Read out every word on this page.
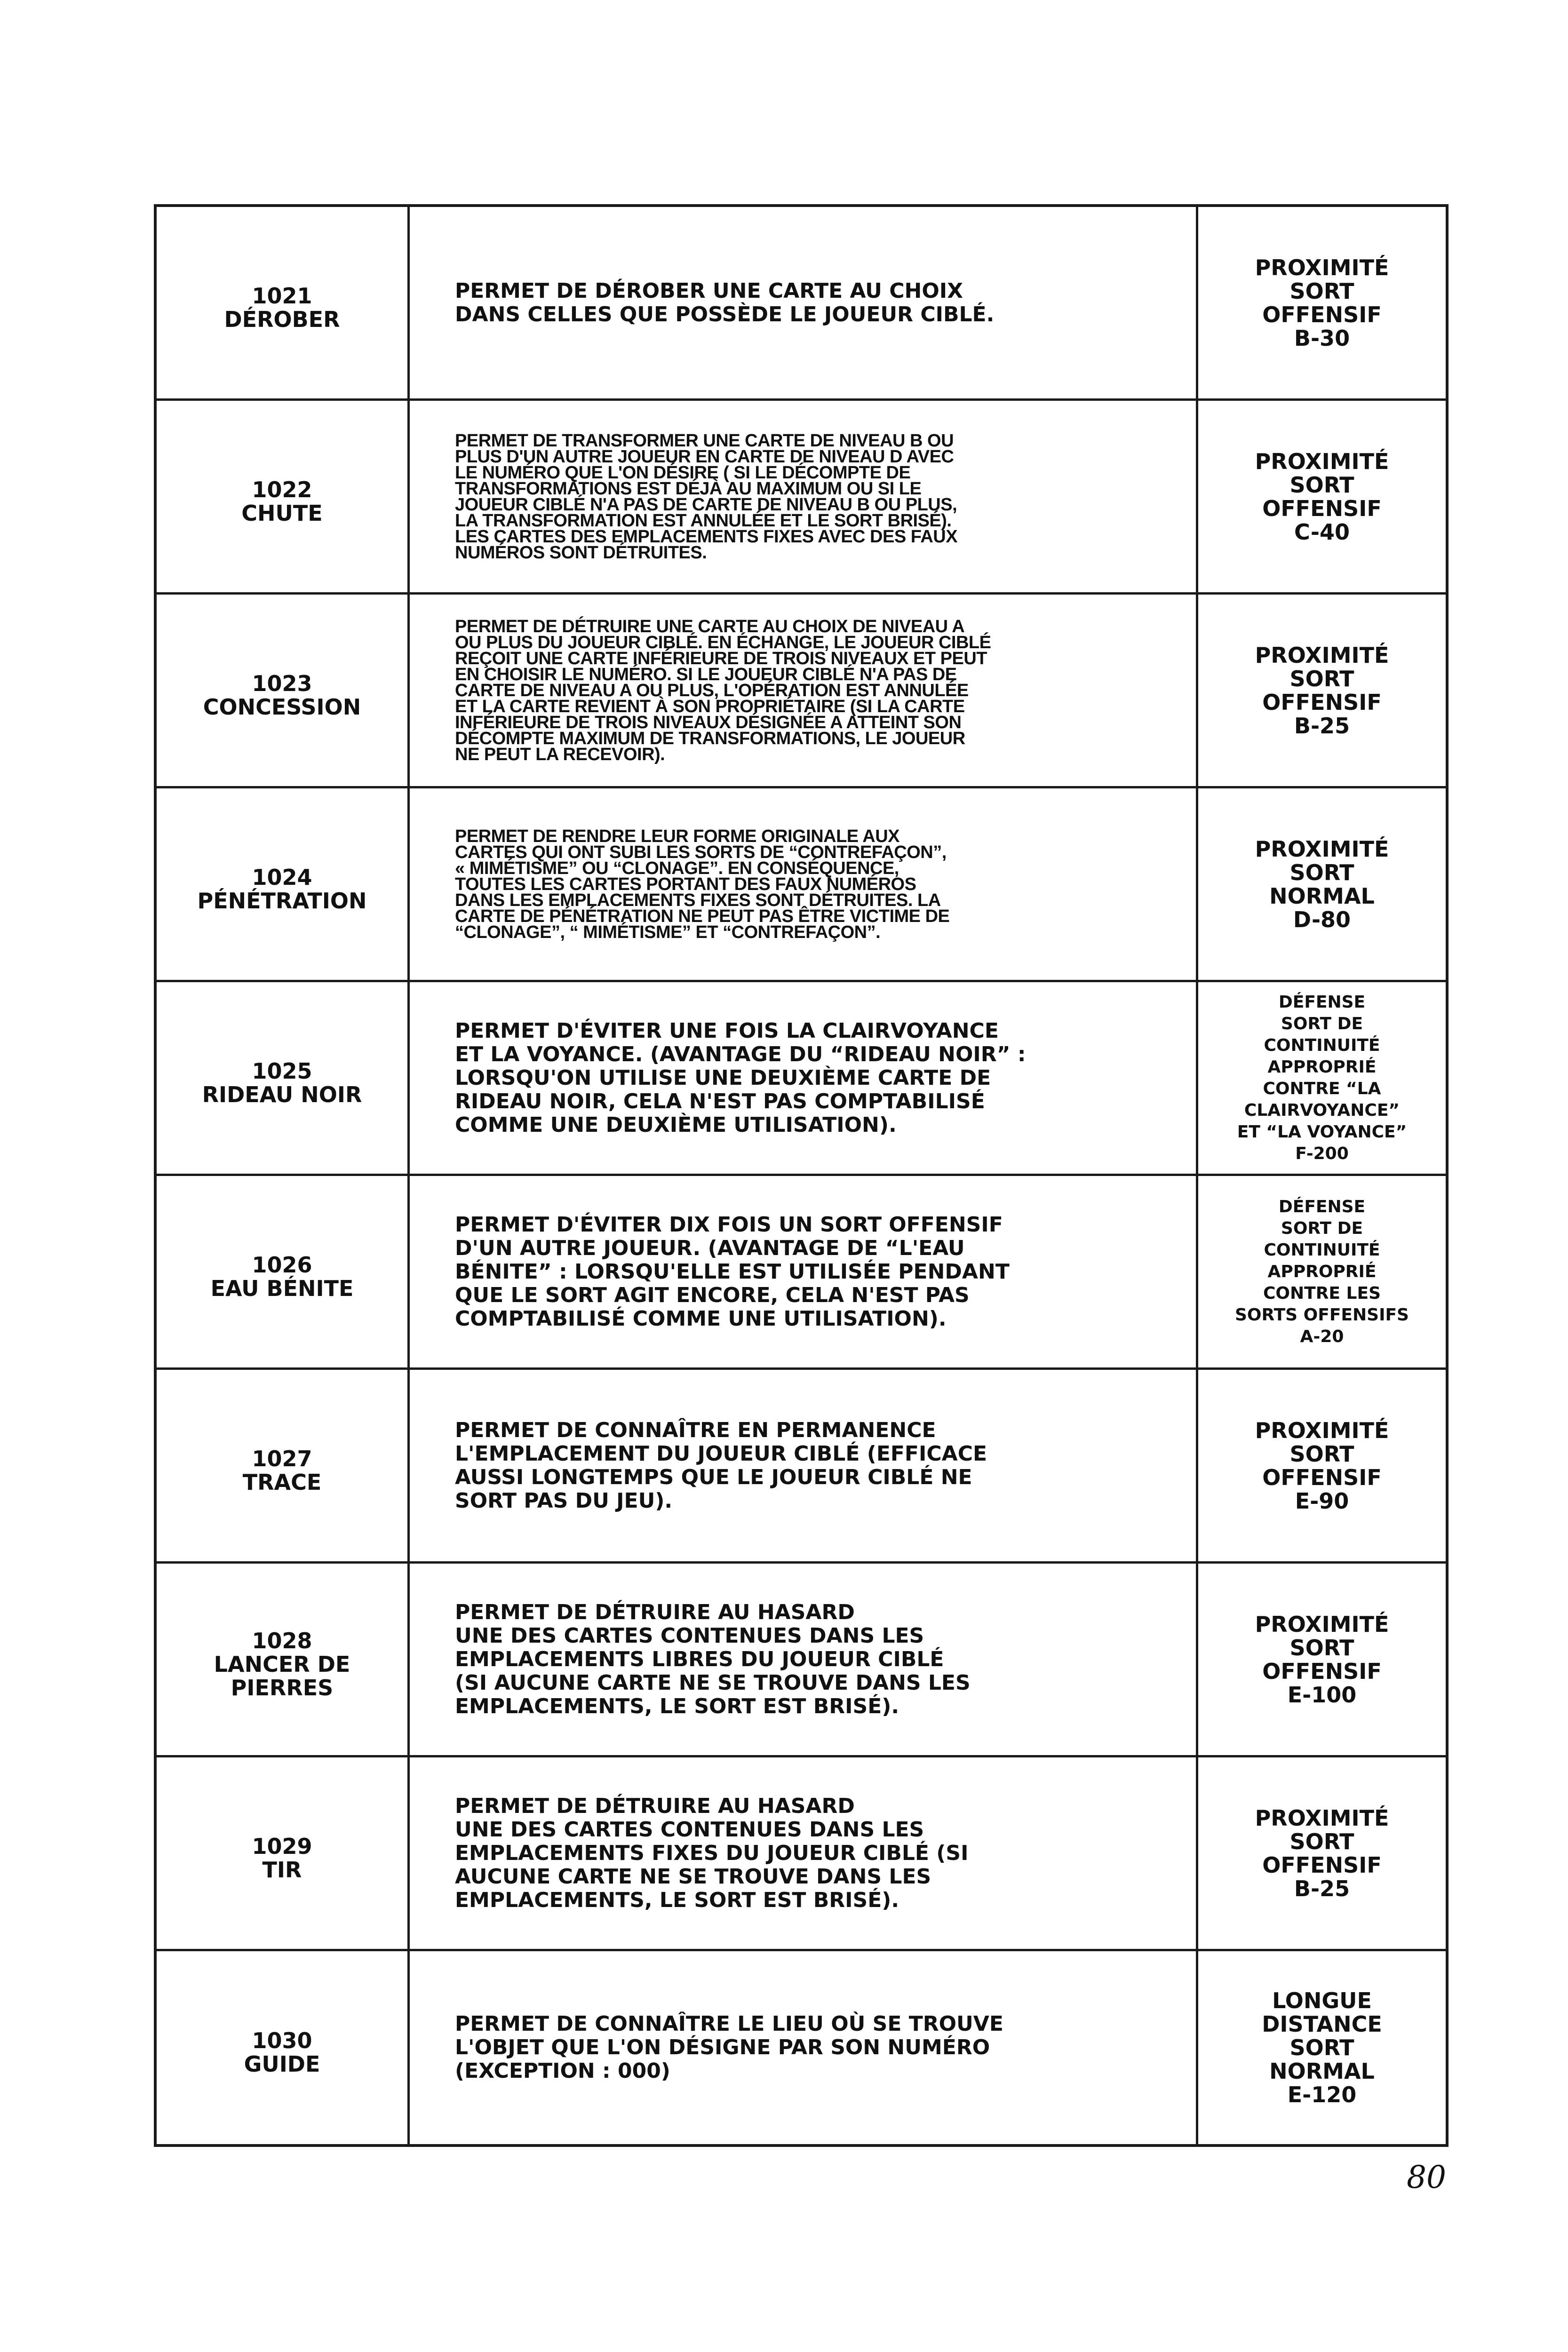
1021
DÉROBER
PERMET DE DÉROBER UNE CARTE AU CHOIX
DANS CELLES QUE POSSÈDE LE JOUEUR CIBLÉ.
PROXIMITÉ
SORT
OFFENSIF
B-30
1022
CHUTE
PERMET DE TRANSFORMER UNE CARTE DE NIVEAU B OU
PLUS D'UN AUTRE JOUEUR EN CARTE DE NIVEAU D AVEC
LE NUMÉRO QUE L'ON DÉSIRE ( SI LE DÉCOMPTE DE
TRANSFORMATIONS EST DÉJÀ AU MAXIMUM OU SI LE
JOUEUR CIBLÉ N'A PAS DE CARTE DE NIVEAU B OU PLUS,
LA TRANSFORMATION EST ANNULÉE ET LE SORT BRISÉ).
LES CARTES DES EMPLACEMENTS FIXES AVEC DES FAUX
NUMÉROS SONT DÉTRUITES.
PROXIMITÉ
SORT
OFFENSIF
C-40
1023
CONCESSION
PERMET DE DÉTRUIRE UNE CARTE AU CHOIX DE NIVEAU A
OU PLUS DU JOUEUR CIBLÉ. EN ÉCHANGE, LE JOUEUR CIBLÉ
REÇOIT UNE CARTE INFÉRIEURE DE TROIS NIVEAUX ET PEUT
EN CHOISIR LE NUMÉRO. SI LE JOUEUR CIBLÉ N'A PAS DE
CARTE DE NIVEAU A OU PLUS, L'OPÉRATION EST ANNULÉE
ET LA CARTE REVIENT À SON PROPRIÉTAIRE (SI LA CARTE
INFÉRIEURE DE TROIS NIVEAUX DÉSIGNÉE A ATTEINT SON
DÉCOMPTE MAXIMUM DE TRANSFORMATIONS, LE JOUEUR
NE PEUT LA RECEVOIR).
PROXIMITÉ
SORT
OFFENSIF
B-25
1024
PÉNÉTRATION
PERMET DE RENDRE LEUR FORME ORIGINALE AUX
CARTES QUI ONT SUBI LES SORTS DE “CONTREFAÇON”,
« MIMÉTISME” OU “CLONAGE”. EN CONSÉQUENCE,
TOUTES LES CARTES PORTANT DES FAUX NUMÉROS
DANS LES EMPLACEMENTS FIXES SONT DÉTRUITES. LA
CARTE DE PÉNÉTRATION NE PEUT PAS ÊTRE VICTIME DE
“CLONAGE”, “ MIMÉTISME” ET “CONTREFAÇON”.
PROXIMITÉ
SORT
NORMAL
D-80
1025
RIDEAU NOIR
PERMET D'ÉVITER UNE FOIS LA CLAIRVOYANCE
ET LA VOYANCE. (AVANTAGE DU “RIDEAU NOIR” :
LORSQU'ON UTILISE UNE DEUXIÈME CARTE DE
RIDEAU NOIR, CELA N'EST PAS COMPTABILISÉ
COMME UNE DEUXIÈME UTILISATION).
DÉFENSE
SORT DE
CONTINUITÉ
APPROPRIÉ
CONTRE “LA
CLAIRVOYANCE”
ET “LA VOYANCE”
F-200
1026
EAU BÉNITE
PERMET D'ÉVITER DIX FOIS UN SORT OFFENSIF
D'UN AUTRE JOUEUR. (AVANTAGE DE “L'EAU
BÉNITE” : LORSQU'ELLE EST UTILISÉE PENDANT
QUE LE SORT AGIT ENCORE, CELA N'EST PAS
COMPTABILISÉ COMME UNE UTILISATION).
DÉFENSE
SORT DE
CONTINUITÉ
APPROPRIÉ
CONTRE LES
SORTS OFFENSIFS
A-20
1027
TRACE
PERMET DE CONNAÎTRE EN PERMANENCE
L'EMPLACEMENT DU JOUEUR CIBLÉ (EFFICACE
AUSSI LONGTEMPS QUE LE JOUEUR CIBLÉ NE
SORT PAS DU JEU).
PROXIMITÉ
SORT
OFFENSIF
E-90
1028
LANCER DE
PIERRES
PERMET DE DÉTRUIRE AU HASARD
UNE DES CARTES CONTENUES DANS LES
EMPLACEMENTS LIBRES DU JOUEUR CIBLÉ
(SI AUCUNE CARTE NE SE TROUVE DANS LES
EMPLACEMENTS, LE SORT EST BRISÉ).
PROXIMITÉ
SORT
OFFENSIF
E-100
1029
TIR
PERMET DE DÉTRUIRE AU HASARD
UNE DES CARTES CONTENUES DANS LES
EMPLACEMENTS FIXES DU JOUEUR CIBLÉ (SI
AUCUNE CARTE NE SE TROUVE DANS LES
EMPLACEMENTS, LE SORT EST BRISÉ).
PROXIMITÉ
SORT
OFFENSIF
B-25
1030
GUIDE
PERMET DE CONNAÎTRE LE LIEU OÙ SE TROUVE
L'OBJET QUE L'ON DÉSIGNE PAR SON NUMÉRO
(EXCEPTION : 000)
LONGUE
DISTANCE
SORT
NORMAL
E-120
80
